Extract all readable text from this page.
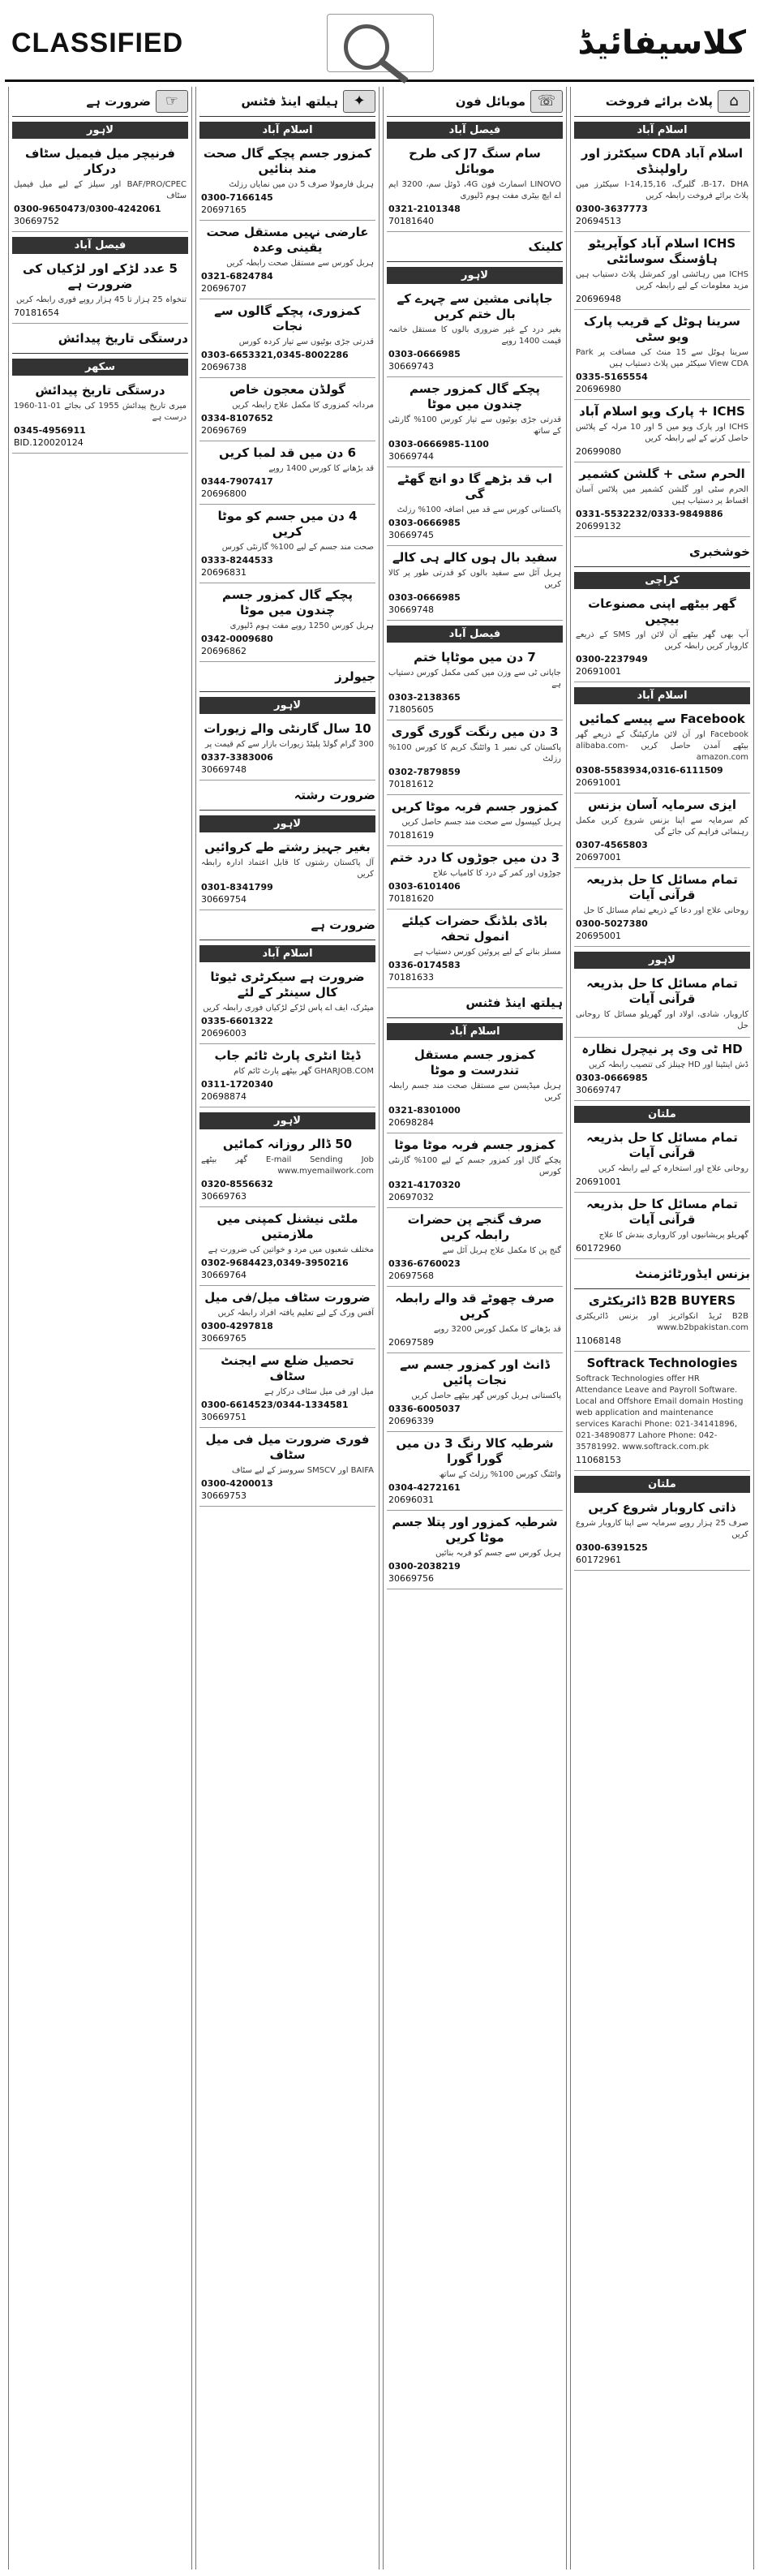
CLASSIFIED	کلاسیفائیڈ
پلاٹ برائے فروخت	⌂
اسلام آباد
اسلام آباد CDA سیکٹرز اور راولپنڈی

B-17، DHA، گلبرگ، 14,15,16-I سیکٹرز میں پلاٹ برائے فروخت رابطہ کریں

0300-3637773
20694513
ICHS اسلام آباد کوآپریٹو ہاؤسنگ سوسائٹی

ICHS میں رہائشی اور کمرشل پلاٹ دستیاب ہیں مزید معلومات کے لیے رابطہ کریں

20696948
سرینا ہوٹل کے قریب پارک ویو سٹی

سرینا ہوٹل سے 15 منٹ کی مسافت پر Park View CDA سیکٹر میں پلاٹ دستیاب ہیں

0335-5165554
20696980
ICHS + پارک ویو اسلام آباد

ICHS اور پارک ویو میں 5 اور 10 مرلہ کے پلاٹس حاصل کرنے کے لیے رابطہ کریں

20699080
الحرم سٹی + گلشن کشمیر

الحرم سٹی اور گلشن کشمیر میں پلاٹس آسان اقساط پر دستیاب ہیں

0331-5532232/0333-9849886
20699132
خوشخبری
کراچی
گھر بیٹھے اپنی مصنوعات بیچیں

آپ بھی گھر بیٹھے آن لائن اور SMS کے ذریعے کاروبار کریں رابطہ کریں

0300-2237949
20691001
اسلام آباد
Facebook سے پیسے کمائیں

Facebook اور آن لائن مارکیٹنگ کے ذریعے گھر بیٹھے آمدن حاصل کریں alibaba.com-amazon.com

0308-5583934,0316-6111509
20691001
ایزی سرمایہ آسان بزنس

کم سرمایہ سے اپنا بزنس شروع کریں مکمل رہنمائی فراہم کی جائے گی

0307-4565803
20697001
تمام مسائل کا حل بذریعہ قرآنی آیات

روحانی علاج اور دعا کے ذریعے تمام مسائل کا حل

0300-5027380
20695001
لاہور
تمام مسائل کا حل بذریعہ قرآنی آیات

کاروبار، شادی، اولاد اور گھریلو مسائل کا روحانی حل

HD ٹی وی پر نیچرل نظارہ

ڈش اینٹینا اور HD چینلز کی تنصیب رابطہ کریں

0303-0666985
30669747
ملتان
تمام مسائل کا حل بذریعہ قرآنی آیات

روحانی علاج اور استخارہ کے لیے رابطہ کریں

20691001
تمام مسائل کا حل بذریعہ قرآنی آیات

گھریلو پریشانیوں اور کاروباری بندش کا علاج

60172960
بزنس ایڈورٹائزمنٹ
B2B BUYERS ڈائریکٹری

B2B ٹریڈ انکوائریز اور بزنس ڈائریکٹری www.b2bpakistan.com

11068148
Softrack Technologies

Softrack Technologies offer HR Attendance Leave and Payroll Software. Local and Offshore Email domain Hosting web application and maintenance services Karachi Phone: 021-34141896, 021-34890877 Lahore Phone: 042-35781992. www.softrack.com.pk

11068153
ملتان
ذاتی کاروبار شروع کریں

صرف 25 ہزار روپے سرمایہ سے اپنا کاروبار شروع کریں

0300-6391525
60172961
موبائل فون ☏
فیصل آباد
سام سنگ J7 کی طرح موبائل

LINOVO اسمارٹ فون 4G، ڈوئل سم، 3200 ایم اے ایچ بیٹری مفت ہوم ڈلیوری

0321-2101348
70181640
کلینک
لاہور
جاپانی مشین سے چہرے کے بال ختم کریں

بغیر درد کے غیر ضروری بالوں کا مستقل خاتمہ قیمت 1400 روپے

0303-0666985
30669743
پچکے گال کمزور جسم چندون میں موٹا

قدرتی جڑی بوٹیوں سے تیار کورس 100% گارنٹی کے ساتھ

0303-0666985-1100
30669744
اب قد بڑھے گا دو انچ گھٹے گی

پاکستانی کورس سے قد میں اضافہ 100% رزلٹ

0303-0666985
30669745
سفید بال ہوں کالے ہی کالے

ہربل آئل سے سفید بالوں کو قدرتی طور پر کالا کریں

0303-0666985
30669748
فیصل آباد
7 دن میں موٹاپا ختم

جاپانی ٹی سے وزن میں کمی مکمل کورس دستیاب ہے

0303-2138365
71805605
3 دن میں رنگت گوری گوری

پاکستان کی نمبر 1 وائٹنگ کریم کا کورس 100% رزلٹ

0302-7879859
70181612
کمزور جسم فربہ موٹا کریں

ہربل کیپسول سے صحت مند جسم حاصل کریں

70181619
3 دن میں جوڑوں کا درد ختم

جوڑوں اور کمر کے درد کا کامیاب علاج

0303-6101406
70181620
باڈی بلڈنگ حضرات کیلئے انمول تحفہ

مسلز بنانے کے لیے پروٹین کورس دستیاب ہے

0336-0174583
70181633
ہیلتھ اینڈ فٹنس
اسلام آباد
کمزور جسم مستقل تندرست و موٹا

ہربل میڈیسن سے مستقل صحت مند جسم رابطہ کریں

0321-8301000
20698284
کمزور جسم فربہ موٹا موٹا

پچکے گال اور کمزور جسم کے لیے 100% گارنٹی کورس

0321-4170320
20697032
صرف گنجے پن حضرات رابطہ کریں

گنج پن کا مکمل علاج ہربل آئل سے

0336-6760023
20697568
صرف چھوٹے قد والے رابطہ کریں

قد بڑھانے کا مکمل کورس 3200 روپے

20697589
ڈانٹ اور کمزور جسم سے نجات پائیں

پاکستانی ہربل کورس گھر بیٹھے حاصل کریں

0336-6005037
20696339
شرطیہ کالا رنگ 3 دن میں گورا گورا

وائٹنگ کورس 100% رزلٹ کے ساتھ

0304-4272161
20696031
شرطیہ کمزور اور پتلا جسم موٹا کریں

ہربل کورس سے جسم کو فربہ بنائیں

0300-2038219
30669756
ہیلتھ اینڈ فٹنس	✦
اسلام آباد
کمزور جسم پچکے گال صحت مند بنائیں

ہربل فارمولا صرف 5 دن میں نمایاں رزلٹ

0300-7166145
20697165
عارضی نہیں مستقل صحت یقینی وعدہ

ہربل کورس سے مستقل صحت رابطہ کریں

0321-6824784
20696707
کمزوری، پچکے گالوں سے نجات

قدرتی جڑی بوٹیوں سے تیار کردہ کورس

0303-6653321,0345-8002286
20696738
گولڈن معجون خاص

مردانہ کمزوری کا مکمل علاج رابطہ کریں

0334-8107652
20696769
6 دن میں قد لمبا کریں

قد بڑھانے کا کورس 1400 روپے

0344-7907417
20696800
4 دن میں جسم کو موٹا کریں

صحت مند جسم کے لیے 100% گارنٹی کورس

0333-8244533
20696831
پچکے گال کمزور جسم چندون میں موٹا

ہربل کورس 1250 روپے مفت ہوم ڈلیوری

0342-0009680
20696862
جیولرز
لاہور
10 سال گارنٹی والے زیورات

300 گرام گولڈ پلیٹڈ زیورات بازار سے کم قیمت پر

0337-3383006
30669748
ضرورت رشتہ
لاہور
بغیر جہیز رشتے طے کروائیں

آل پاکستان رشتوں کا قابل اعتماد ادارہ رابطہ کریں

0301-8341799
30669754
ضرورت ہے
اسلام آباد
ضرورت ہے سیکرٹری ٹیوٹا کال سینٹر کے لئے

میٹرک، ایف اے پاس لڑکے لڑکیاں فوری رابطہ کریں

0335-6601322
20696003
ڈیٹا انٹری پارٹ ٹائم جاب

GHARJOB.COM گھر بیٹھے پارٹ ٹائم کام

0311-1720340
20698874
لاہور
50 ڈالر روزانہ کمائیں

E-mail Sending Job گھر بیٹھے www.myemailwork.com

0320-8556632
30669763
ملٹی نیشنل کمپنی میں ملازمتیں

مختلف شعبوں میں مرد و خواتین کی ضرورت ہے

0302-9684423,0349-3950216
30669764
ضرورت سٹاف میل/فی میل

آفس ورک کے لیے تعلیم یافتہ افراد رابطہ کریں

0300-4297818
30669765
تحصیل ضلع سے ایجنٹ سٹاف

میل اور فی میل سٹاف درکار ہے

0300-6614523/0344-1334581
30669751
فوری ضرورت میل فی میل سٹاف

BAIFA اور SMSCV سروسز کے لیے سٹاف

0300-4200013
30669753
ضرورت ہے ☞
لاہور
فرنیچر میل فیمیل سٹاف درکار

BAF/PRO/CPEC اور سیلز کے لیے میل فیمیل سٹاف

0300-9650473/0300-4242061
30669752
فیصل آباد
5 عدد لڑکے اور لڑکیاں کی ضرورت ہے

تنخواہ 25 ہزار تا 45 ہزار روپے فوری رابطہ کریں

70181654
درستگی تاریخ پیدائش
سکھر
درستگی تاریخ پیدائش

میری تاریخ پیدائش 1955 کی بجائے 01-11-1960 درست ہے

0345-4956911
BID.120020124
